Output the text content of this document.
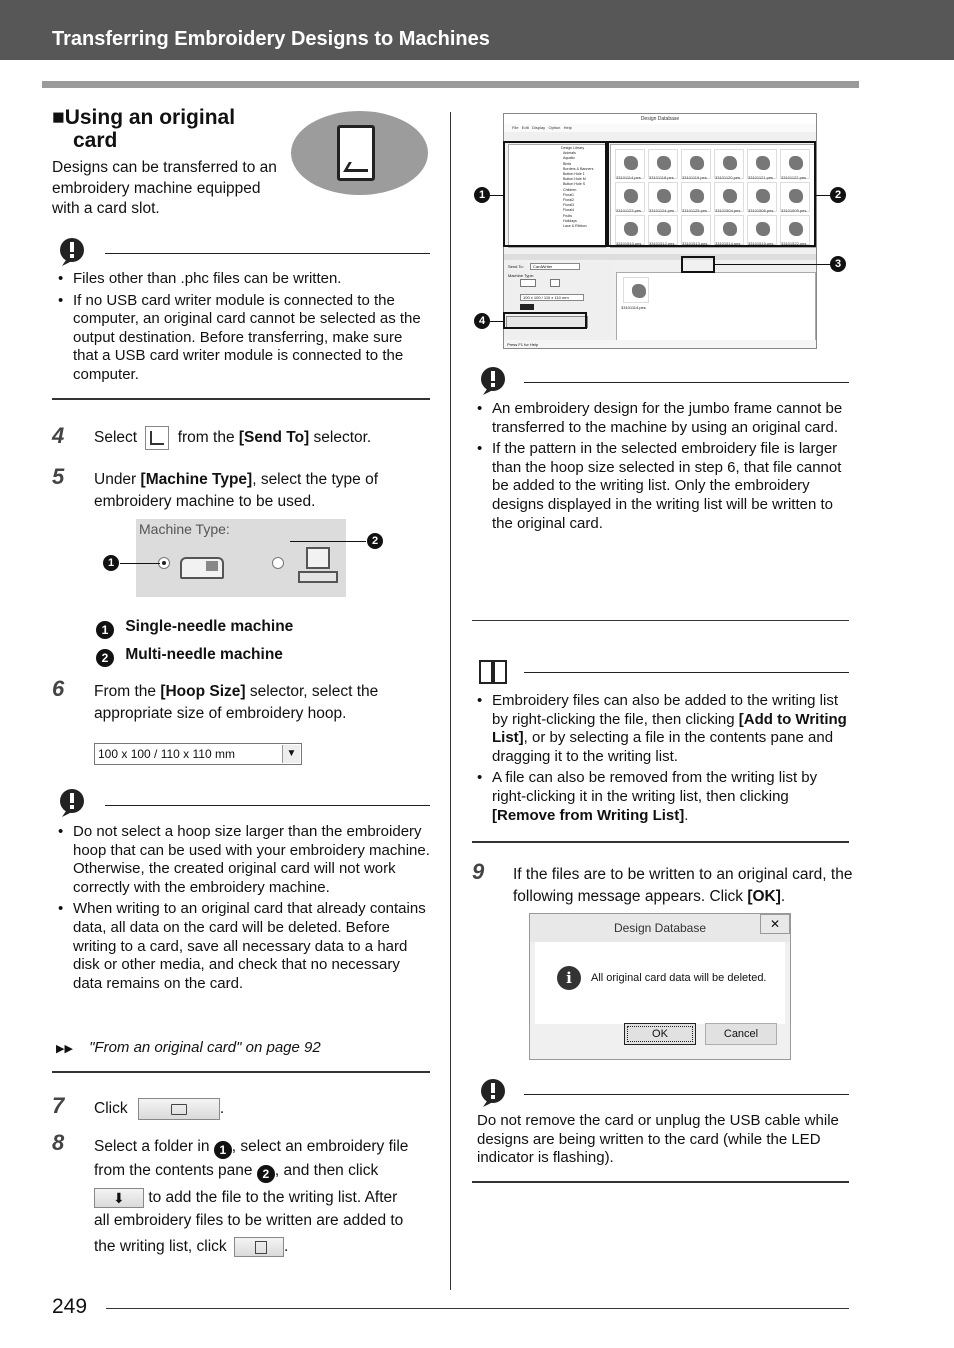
Transferring Embroidery Designs to Machines
■Using an original
card
Designs can be transferred to an embroidery machine equipped with a card slot.
• Files other than .phc files can be written.
• If no USB card writer module is connected to the computer, an original card cannot be selected as the output destination. Before transferring, make sure that a USB card writer module is connected to the computer.
4 Select	from the [Send To] selector.
5 Under [Machine Type], select the type of embroidery machine to be used.
Machine Type:
1
2
1 Single-needle machine
2 Multi-needle machine
6 From the [Hoop Size] selector, select the appropriate size of embroidery hoop.
100 x 100 / 110 x 110 mm	▼
• Do not select a hoop size larger than the embroidery hoop that can be used with your embroidery machine. Otherwise, the created original card will not work correctly with the embroidery machine.
• When writing to an original card that already contains data, all data on the card will be deleted. Before writing to a card, save all necessary data to a hard disk or other media, and check that no necessary data remains on the card.
▶▶ "From an original card" on page 92
7 Click	.
8 Select a folder in 1 , select an embroidery file
from the contents pane 2 , and then click
⬇ to add the file to the writing list. After
all embroidery files to be written are added to
the writing list, click	.
Design Database
File Edit Display Option Help
Design Library
Animals
Aquatic
Birds
Borders & Banners
Button Hole 1
Button Hole M
Button Hole S
Children
Floral1
Floral2
Floral3
Floral4
Fruits
Holidays
Lace & Ribbon
33101114.pes 33101118.pes 33101119.pes 33101120.pes 33101121.pes 33101122.pes
33101123.pes 33101124.pes 33101125.pes 33101504.pes 33101506.pes 33101509.pes
33101510.pes 33101512.pes 33101513.pes 33101514.pes 33101515.pes 33101522.pes
Send To:	CardWriter
Machine Type:
100 x 100 / 110 x 110 mm
33101114.pes
Press F1 for Help
1	2
3
4
• An embroidery design for the jumbo frame cannot be transferred to the machine by using an original card.
• If the pattern in the selected embroidery file is larger than the hoop size selected in step 6, that file cannot be added to the writing list. Only the embroidery designs displayed in the writing list will be written to the original card.
• Embroidery files can also be added to the writing list by right-clicking the file, then clicking [Add to Writing List], or by selecting a file in the contents pane and dragging it to the writing list.
• A file can also be removed from the writing list by right-clicking it in the writing list, then clicking [Remove from Writing List].
9 If the files are to be written to an original card, the following message appears. Click [OK].
Design Database	✕
i	All original card data will be deleted.
OK	Cancel
Do not remove the card or unplug the USB cable while designs are being written to the card (while the LED indicator is flashing).
249
